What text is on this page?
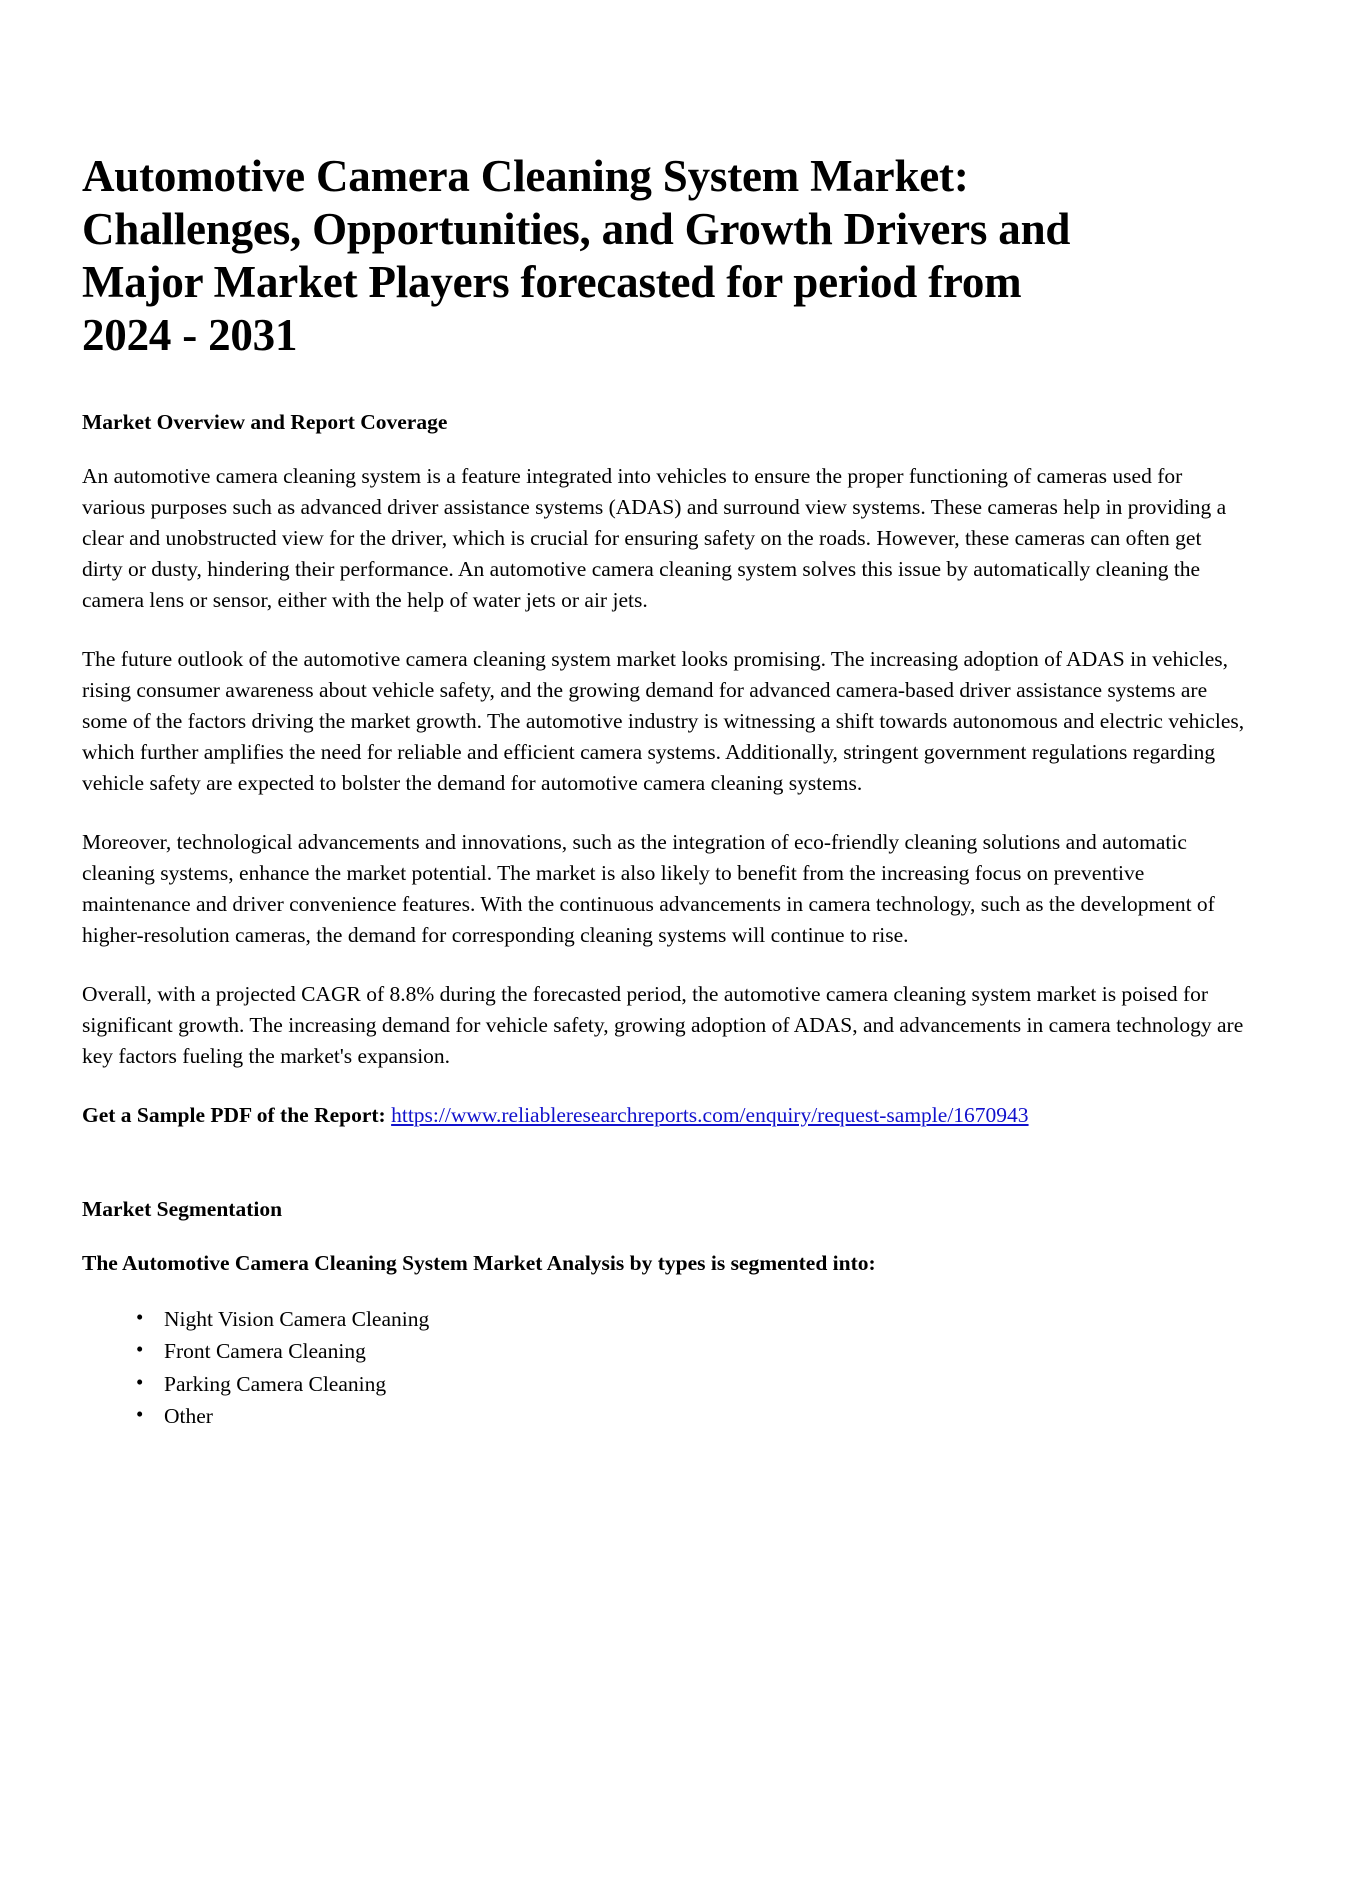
Automotive Camera Cleaning System Market: Challenges, Opportunities, and Growth Drivers and Major Market Players forecasted for period from 2024 - 2031
Market Overview and Report Coverage

An automotive camera cleaning system is a feature integrated into vehicles to ensure the proper functioning of cameras used for various purposes such as advanced driver assistance systems (ADAS) and surround view systems. These cameras help in providing a clear and unobstructed view for the driver, which is crucial for ensuring safety on the roads. However, these cameras can often get dirty or dusty, hindering their performance. An automotive camera cleaning system solves this issue by automatically cleaning the camera lens or sensor, either with the help of water jets or air jets.

The future outlook of the automotive camera cleaning system market looks promising. The increasing adoption of ADAS in vehicles, rising consumer awareness about vehicle safety, and the growing demand for advanced camera-based driver assistance systems are some of the factors driving the market growth. The automotive industry is witnessing a shift towards autonomous and electric vehicles, which further amplifies the need for reliable and efficient camera systems. Additionally, stringent government regulations regarding vehicle safety are expected to bolster the demand for automotive camera cleaning systems.

Moreover, technological advancements and innovations, such as the integration of eco-friendly cleaning solutions and automatic cleaning systems, enhance the market potential. The market is also likely to benefit from the increasing focus on preventive maintenance and driver convenience features. With the continuous advancements in camera technology, such as the development of higher-resolution cameras, the demand for corresponding cleaning systems will continue to rise.

Overall, with a projected CAGR of 8.8% during the forecasted period, the automotive camera cleaning system market is poised for significant growth. The increasing demand for vehicle safety, growing adoption of ADAS, and advancements in camera technology are key factors fueling the market's expansion.

Get a Sample PDF of the Report: https://www.reliableresearchreports.com/enquiry/request-sample/1670943

Market Segmentation

The Automotive Camera Cleaning System Market Analysis by types is segmented into:

• Night Vision Camera Cleaning
• Front Camera Cleaning
• Parking Camera Cleaning
• Other
